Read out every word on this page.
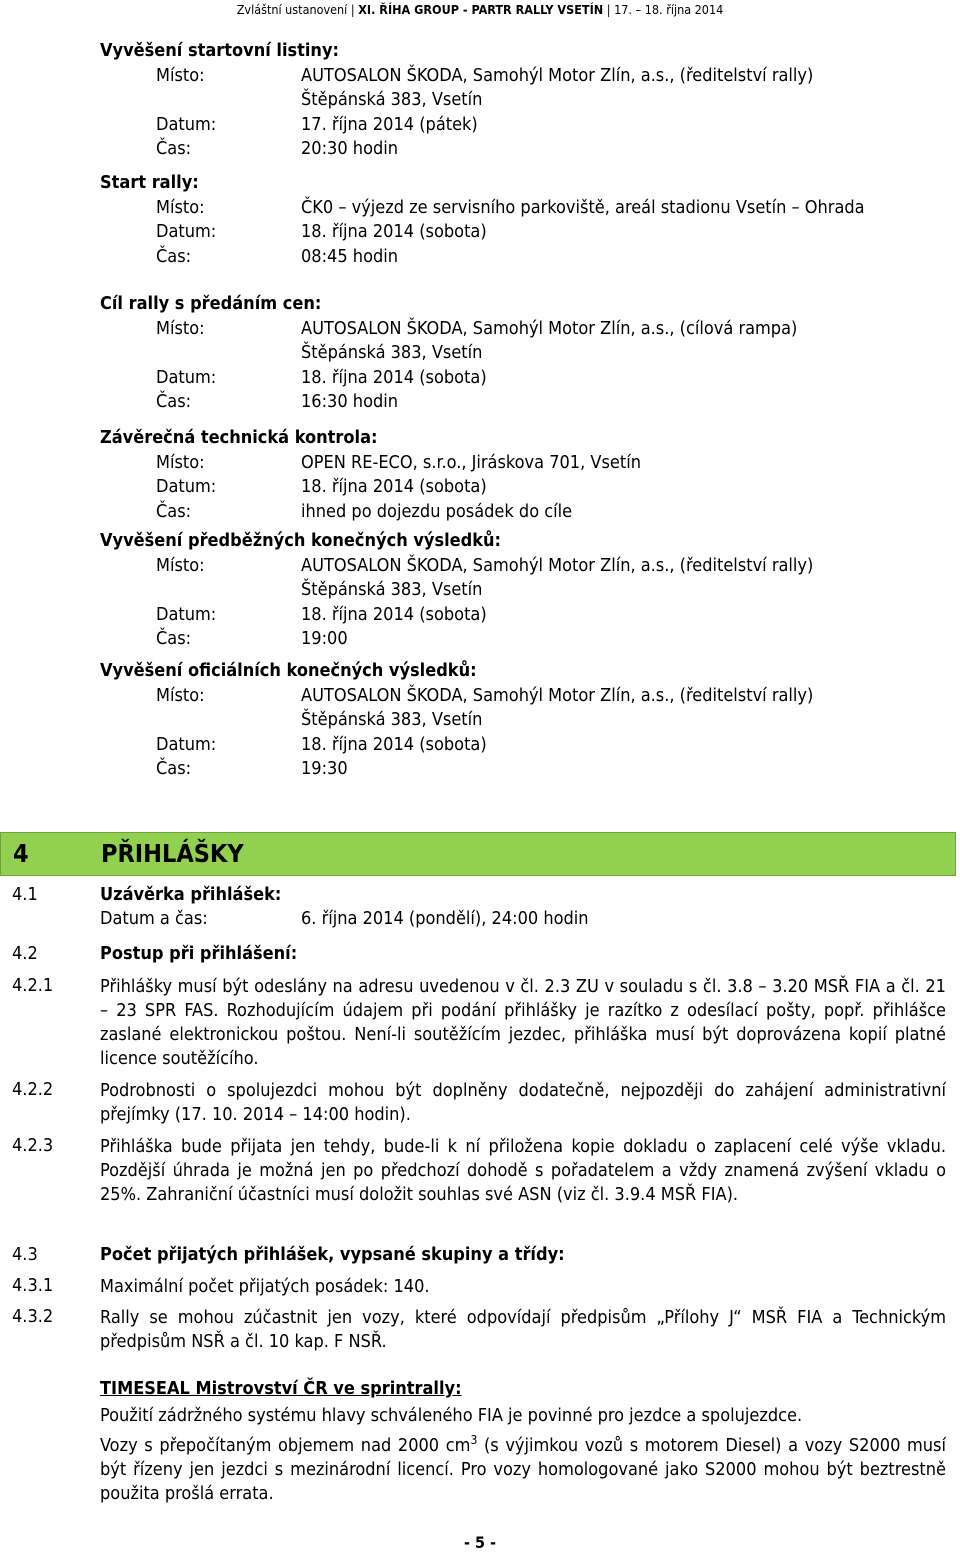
Zvláštní ustanovení | XI. ŘÍHA GROUP - PARTR RALLY VSETÍN | 17. – 18. října 2014
Vyvěšení startovní listiny:
Místo:	AUTOSALON ŠKODA, Samohýl Motor Zlín, a.s., (ředitelství rally)
Štěpánská 383, Vsetín
Datum:	17. října 2014 (pátek)
Čas:	20:30 hodin
Start rally:
Místo:	ČK0 – výjezd ze servisního parkoviště, areál stadionu Vsetín – Ohrada
Datum:	18. října 2014 (sobota)
Čas:	08:45 hodin
Cíl rally s předáním cen:
Místo:	AUTOSALON ŠKODA, Samohýl Motor Zlín, a.s., (cílová rampa)
Štěpánská 383, Vsetín
Datum:	18. října 2014 (sobota)
Čas:	16:30 hodin
Závěrečná technická kontrola:
Místo:	OPEN RE-ECO, s.r.o., Jiráskova 701, Vsetín
Datum:	18. října 2014 (sobota)
Čas:	ihned po dojezdu posádek do cíle
Vyvěšení předběžných konečných výsledků:
Místo:	AUTOSALON ŠKODA, Samohýl Motor Zlín, a.s., (ředitelství rally)
Štěpánská 383, Vsetín
Datum:	18. října 2014 (sobota)
Čas:	19:00
Vyvěšení oficiálních konečných výsledků:
Místo:	AUTOSALON ŠKODA, Samohýl Motor Zlín, a.s., (ředitelství rally)
Štěpánská 383, Vsetín
Datum:	18. října 2014 (sobota)
Čas:	19:30
4	PŘIHLÁŠKY
4.1	Uzávěrka přihlášek:
Datum a čas:	6. října 2014 (pondělí), 24:00 hodin
4.2	Postup při přihlášení:
4.2.1	Přihlášky musí být odeslány na adresu uvedenou v čl. 2.3 ZU v souladu s čl. 3.8 – 3.20 MSŘ FIA a čl. 21 – 23 SPR FAS. Rozhodujícím údajem při podání přihlášky je razítko z odesílací pošty, popř. přihlášce zaslané elektronickou poštou. Není-li soutěžícím jezdec, přihláška musí být doprovázena kopií platné licence soutěžícího.
4.2.2	Podrobnosti o spolujezdci mohou být doplněny dodatečně, nejpozději do zahájení administrativní přejímky (17. 10. 2014 – 14:00 hodin).
4.2.3	Přihláška bude přijata jen tehdy, bude-li k ní přiložena kopie dokladu o zaplacení celé výše vkladu. Pozdější úhrada je možná jen po předchozí dohodě s pořadatelem a vždy znamená zvýšení vkladu o 25%. Zahraniční účastníci musí doložit souhlas své ASN (viz čl. 3.9.4 MSŘ FIA).
4.3	Počet přijatých přihlášek, vypsané skupiny a třídy:
4.3.1	Maximální počet přijatých posádek: 140.
4.3.2	Rally se mohou zúčastnit jen vozy, které odpovídají předpisům „Přílohy J“ MSŘ FIA a Technickým předpisům NSŘ a čl. 10 kap. F NSŘ.
TIMESEAL Mistrovství ČR ve sprintrally:
Použití zádržného systému hlavy schváleného FIA je povinné pro jezdce a spolujezdce.
Vozy s přepočítaným objemem nad 2000 $cm^3$ (s výjimkou vozů s motorem Diesel) a vozy S2000 musí být řízeny jen jezdci s mezinárodní licencí. Pro vozy homologované jako S2000 mohou být beztrestně použita prošlá errata.
- 5 -
